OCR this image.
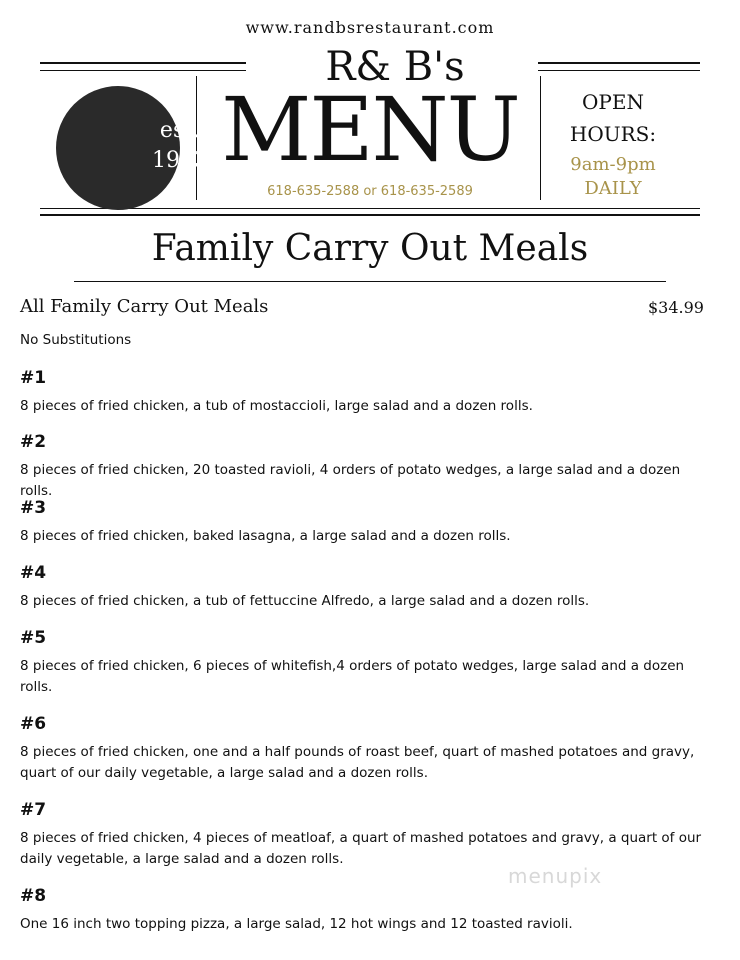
www.randbsrestaurant.com
est.
1993
R& B's
MENU
618-635-2588 or 618-635-2589
OPEN
HOURS:
9am-9pm
DAILY
Family Carry Out Meals
All Family Carry Out Meals	$34.99
No Substitutions
#1
8 pieces of fried chicken, a tub of mostaccioli, large salad and a dozen rolls.
#2
8 pieces of fried chicken, 20 toasted ravioli, 4 orders of potato wedges, a large salad and a dozen rolls.
#3
8 pieces of fried chicken, baked lasagna, a large salad and a dozen rolls.
#4
8 pieces of fried chicken, a tub of fettuccine Alfredo, a large salad and a dozen rolls.
#5
8 pieces of fried chicken, 6 pieces of whitefish,4 orders of potato wedges, large salad and a dozen rolls.
#6
8 pieces of fried chicken, one and a half pounds of roast beef, quart of mashed potatoes and gravy, quart of our daily vegetable, a large salad and a dozen rolls.
#7
8 pieces of fried chicken, 4 pieces of meatloaf, a quart of mashed potatoes and gravy, a quart of our daily vegetable, a large salad and a dozen rolls.
menupix
#8
One 16 inch two topping pizza, a large salad, 12 hot wings and 12 toasted ravioli.
